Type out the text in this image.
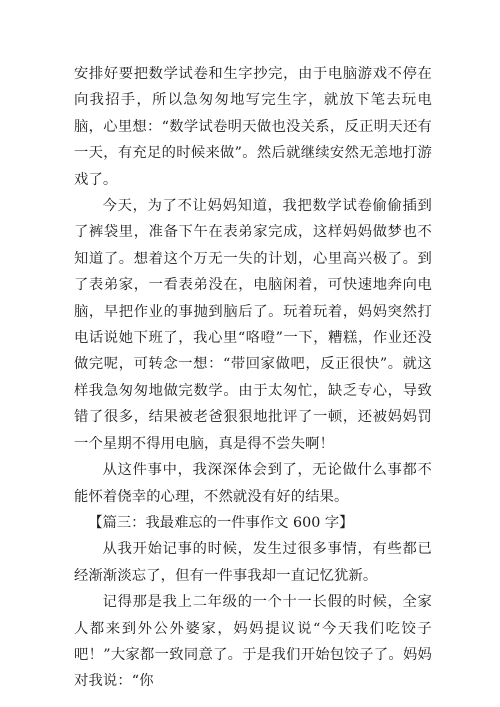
安排好要把数学试卷和生字抄完，由于电脑游戏不停在向我招手，所以急匆匆地写完生字，就放下笔去玩电脑，心里想：“数学试卷明天做也没关系，反正明天还有一天，有充足的时候来做”。然后就继续安然无恙地打游戏了。

今天，为了不让妈妈知道，我把数学试卷偷偷插到了裤袋里，准备下午在表弟家完成，这样妈妈做梦也不知道了。想着这个万无一失的计划，心里高兴极了。到了表弟家，一看表弟没在，电脑闲着，可快速地奔向电脑，早把作业的事抛到脑后了。玩着玩着，妈妈突然打电话说她下班了，我心里“咯噔”一下，糟糕，作业还没做完呢，可转念一想：“带回家做吧，反正很快”。就这样我急匆匆地做完数学。由于太匆忙，缺乏专心，导致错了很多，结果被老爸狠狠地批评了一顿，还被妈妈罚一个星期不得用电脑，真是得不尝失啊！

从这件事中，我深深体会到了，无论做什么事都不能怀着侥幸的心理，不然就没有好的结果。

【篇三：我最难忘的一件事作文 600 字】

从我开始记事的时候，发生过很多事情，有些都已经渐渐淡忘了，但有一件事我却一直记忆犹新。

记得那是我上二年级的一个十一长假的时候，全家人都来到外公外婆家，妈妈提议说“今天我们吃饺子吧！”大家都一致同意了。于是我们开始包饺子了。妈妈对我说：“你
